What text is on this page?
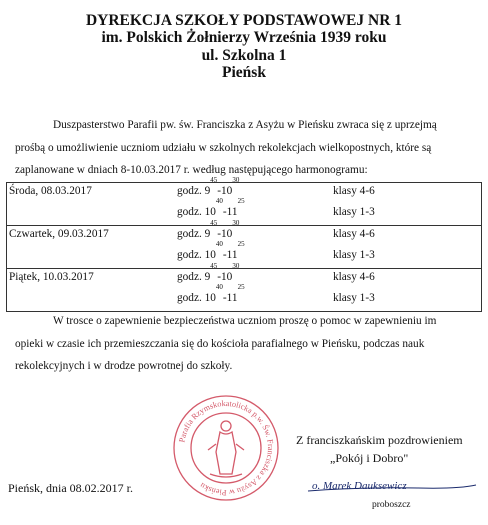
DYREKCJA SZKOŁY PODSTAWOWEJ NR 1
im. Polskich Żołnierzy Września 1939 roku
ul. Szkolna 1
Pieńsk
Duszpasterstwo Parafii pw. św. Franciszka z Asyżu w Pieńsku zwraca się z uprzejmą
prośbą o umożliwienie uczniom udziału w szkolnych rekolekcjach wielkopostnych, które są
zaplanowane w dniach 8-10.03.2017 r. według następującego harmonogramu:
Środa, 08.03.2017	godz. $9^{45}-10^{30}$	klasy 4-6
	godz. $10^{40}-11^{25}$	klasy 1-3
Czwartek, 09.03.2017	godz. $9^{45}-10^{30}$	klasy 4-6
	godz. $10^{40}-11^{25}$	klasy 1-3
Piątek, 10.03.2017	godz. $9^{45}-10^{30}$	klasy 4-6
	godz. $10^{40}-11^{25}$	klasy 1-3
W trosce o zapewnienie bezpieczeństwa uczniom proszę o pomoc w zapewnieniu im
opieki w czasie ich przemieszczania się do kościoła parafialnego w Pieńsku, podczas nauk
rekolekcyjnych i w drodze powrotnej do szkoły.
Parafia Rzymskokatolicka p.w. Św. Franciszka z Asyżu w Pieńsku
Z franciszkańskim pozdrowieniem
„Pokój i Dobro"
Pieńsk, dnia 08.02.2017 r.	o. Marek Dauksewicz
proboszcz
